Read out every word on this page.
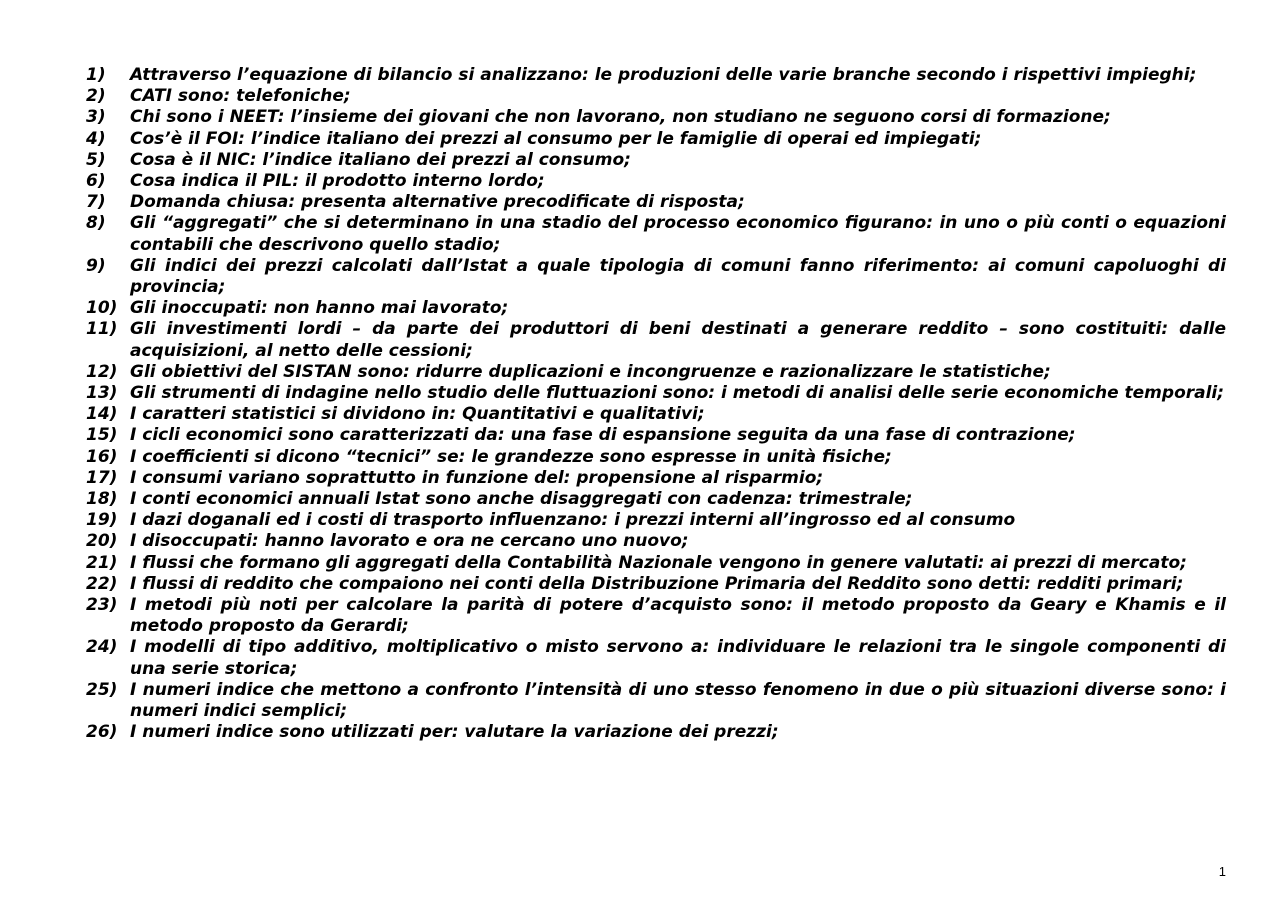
1)	Attraverso l’equazione di bilancio si analizzano: le produzioni delle varie branche secondo i rispettivi impieghi;
2)	CATI sono: telefoniche;
3)	Chi sono i NEET: l’insieme dei giovani che non lavorano, non studiano ne seguono corsi di formazione;
4)	Cos’è il FOI: l’indice italiano dei prezzi al consumo per le famiglie di operai ed impiegati;
5)	Cosa è il NIC: l’indice italiano dei prezzi al consumo;
6)	Cosa indica il PIL: il prodotto interno lordo;
7)	Domanda chiusa: presenta alternative precodificate di risposta;
8)	Gli “aggregati” che si determinano in una stadio del processo economico figurano: in uno o più conti o equazioni contabili che descrivono quello stadio;
9)	Gli indici dei prezzi calcolati dall’Istat a quale tipologia di comuni fanno riferimento: ai comuni capoluoghi di provincia;
10) Gli inoccupati: non hanno mai lavorato;
11) Gli investimenti lordi – da parte dei produttori di beni destinati a generare reddito – sono costituiti: dalle acquisizioni, al netto delle cessioni;
12) Gli obiettivi del SISTAN sono: ridurre duplicazioni e incongruenze e razionalizzare le statistiche;
13) Gli strumenti di indagine nello studio delle fluttuazioni sono: i metodi di analisi delle serie economiche temporali;
14) I caratteri statistici si dividono in: Quantitativi e qualitativi;
15) I cicli economici sono caratterizzati da: una fase di espansione seguita da una fase di contrazione;
16) I coefficienti si dicono “tecnici” se: le grandezze sono espresse in unità fisiche;
17) I consumi variano soprattutto in funzione del: propensione al risparmio;
18) I conti economici annuali Istat sono anche disaggregati con cadenza: trimestrale;
19) I dazi doganali ed i costi di trasporto influenzano: i prezzi interni all’ingrosso ed al consumo
20) I disoccupati: hanno lavorato e ora ne cercano uno nuovo;
21) I flussi che formano gli aggregati della Contabilità Nazionale vengono in genere valutati: ai prezzi di mercato;
22) I flussi di reddito che compaiono nei conti della Distribuzione Primaria del Reddito sono detti: redditi primari;
23) I metodi più noti per calcolare la parità di potere d’acquisto sono: il metodo proposto da Geary e Khamis e il metodo proposto da Gerardi;
24) I modelli di tipo additivo, moltiplicativo o misto servono a: individuare le relazioni tra le singole componenti di una serie storica;
25) I numeri indice che mettono a confronto l’intensità di uno stesso fenomeno in due o più situazioni diverse sono: i numeri indici semplici;
26) I numeri indice sono utilizzati per: valutare la variazione dei prezzi;
1
